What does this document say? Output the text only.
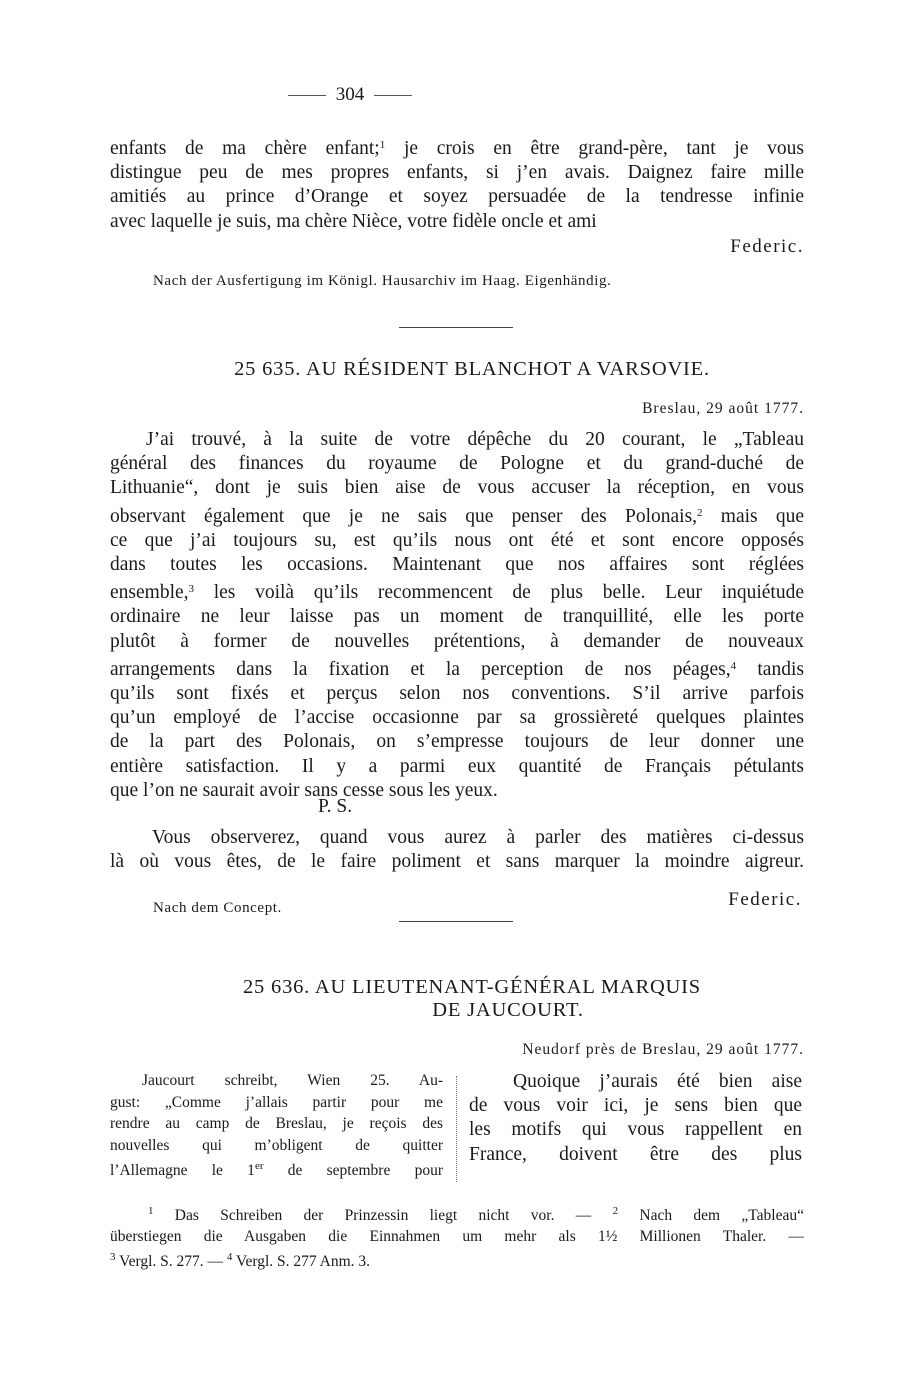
304

enfants de ma chère enfant;$^1$ je crois en être grand-père, tant je vous
distingue peu de mes propres enfants, si j’en avais. Daignez faire mille
amitiés au prince d’Orange et soyez persuadée de la tendresse infinie
avec laquelle je suis, ma chère Nièce, votre fidèle oncle et ami

Federic.
Nach der Ausfertigung im Königl. Hausarchiv im Haag. Eigenhändig.
25 635. AU RÉSIDENT BLANCHOT A VARSOVIE.
Breslau, 29 août 1777.

J’ai trouvé, à la suite de votre dépêche du 20 courant, le „Tableau
général des finances du royaume de Pologne et du grand-duché de
Lithuanie“, dont je suis bien aise de vous accuser la réception, en vous
observant également que je ne sais que penser des Polonais,$^2$ mais que
ce que j’ai toujours su, est qu’ils nous ont été et sont encore opposés
dans toutes les occasions. Maintenant que nos affaires sont réglées
ensemble,$^3$ les voilà qu’ils recommencent de plus belle. Leur inquiétude
ordinaire ne leur laisse pas un moment de tranquillité, elle les porte
plutôt à former de nouvelles prétentions, à demander de nouveaux
arrangements dans la fixation et la perception de nos péages,$^4$ tandis
qu’ils sont fixés et perçus selon nos conventions. S’il arrive parfois
qu’un employé de l’accise occasionne par sa grossièreté quelques plaintes
de la part des Polonais, on s’empresse toujours de leur donner une
entière satisfaction. Il y a parmi eux quantité de Français pétulants
que l’on ne saurait avoir sans cesse sous les yeux.

P. S.

Vous observerez, quand vous aurez à parler des matières ci-dessus
là où vous êtes, de le faire poliment et sans marquer la moindre aigreur.

Nach dem Concept.	Federic.
25 636. AU LIEUTENANT-GÉNÉRAL MARQUIS
DE JAUCOURT.
Neudorf près de Breslau, 29 août 1777.
Jaucourt schreibt, Wien 25. Au-
gust: „Comme j’allais partir pour me
rendre au camp de Breslau, je reçois des
nouvelles qui m’obligent de quitter
l’Allemagne le 1er de septembre pour
Quoique j’aurais été bien aise
de vous voir ici, je sens bien que
les motifs qui vous rappellent en
France, doivent être des plus
$^1$ Das Schreiben der Prinzessin liegt nicht vor. — $^2$ Nach dem „Tableau“
überstiegen die Ausgaben die Einnahmen um mehr als 1½ Millionen Thaler. —
$^3$ Vergl. S. 277. — $^4$ Vergl. S. 277 Anm. 3.
